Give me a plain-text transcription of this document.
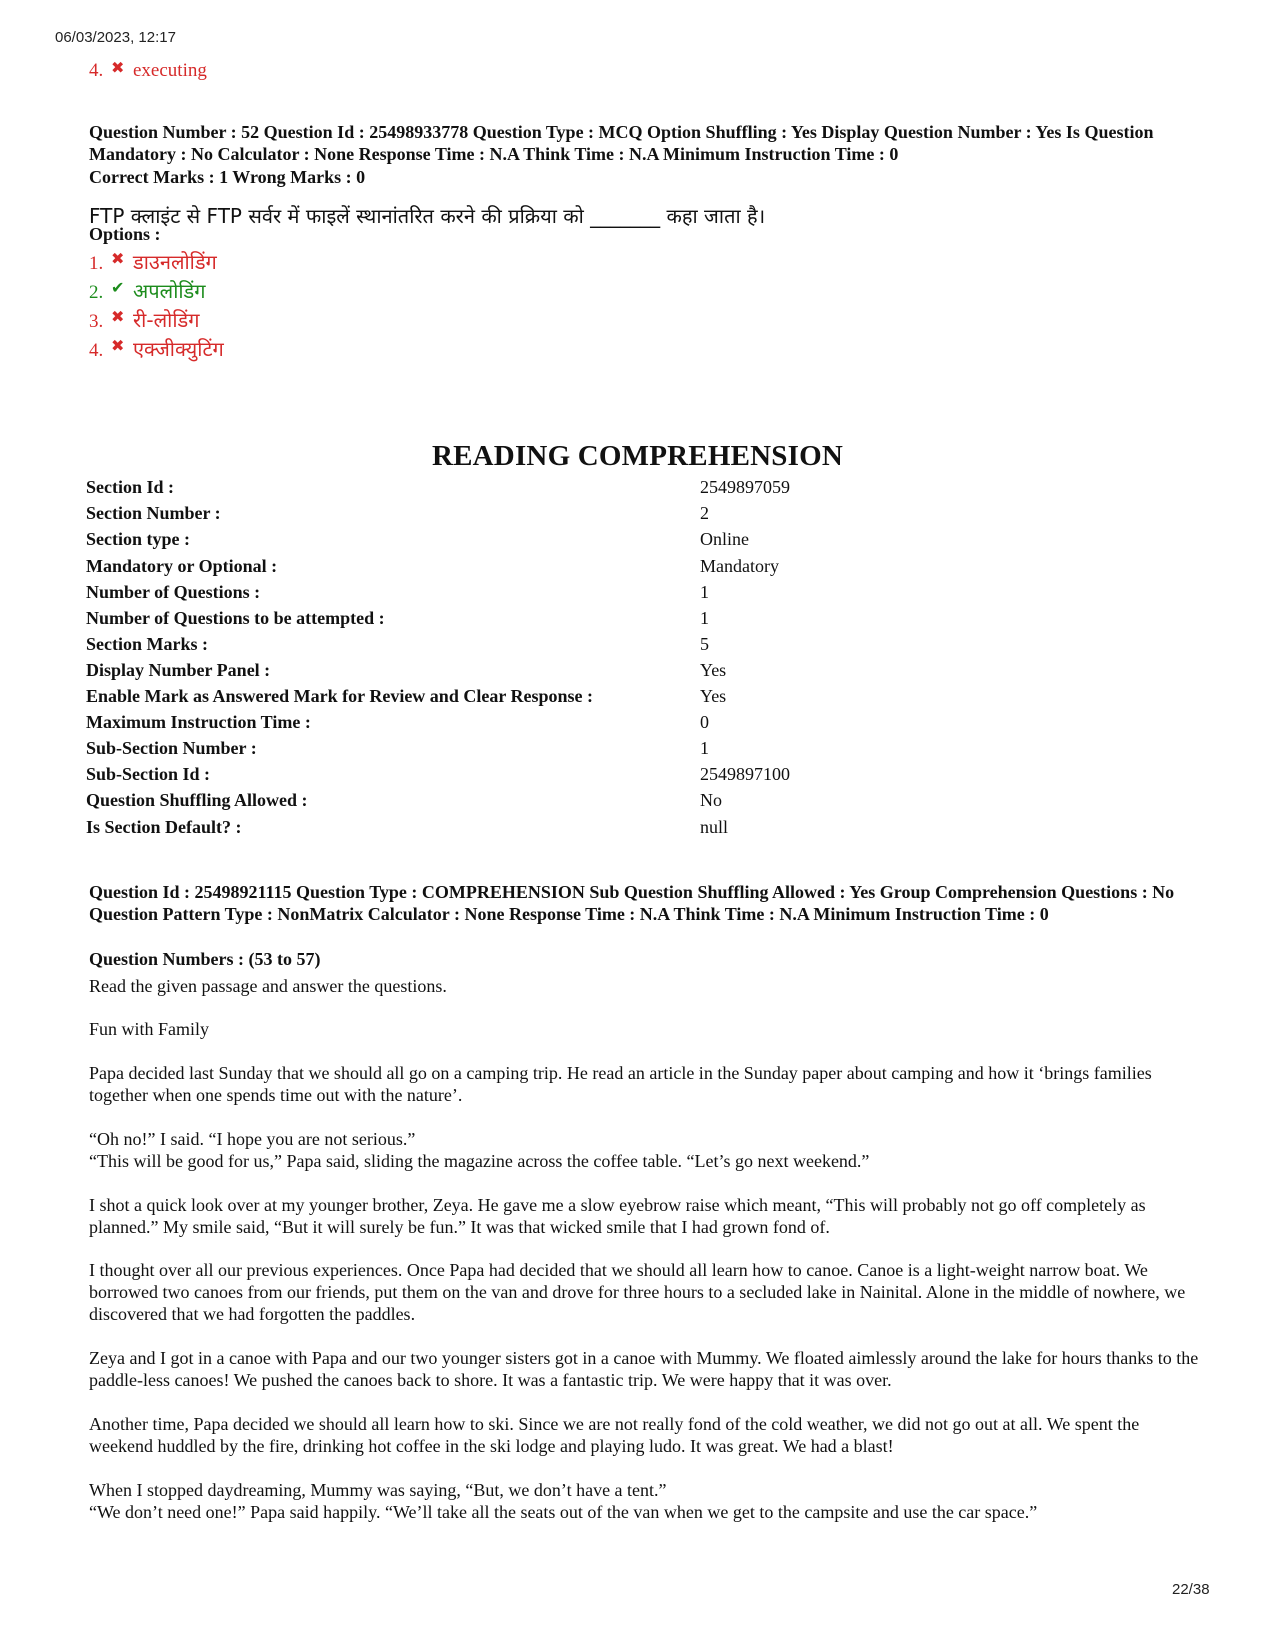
06/03/2023, 12:17
4. ✖ executing
Question Number : 52 Question Id : 25498933778 Question Type : MCQ Option Shuffling : Yes Display Question Number : Yes Is Question Mandatory : No Calculator : None Response Time : N.A Think Time : N.A Minimum Instruction Time : 0
Correct Marks : 1 Wrong Marks : 0
FTP क्लाइंट से FTP सर्वर में फाइलें स्थानांतरित करने की प्रक्रिया को _______ कहा जाता है।
Options :
1. ✖ डाउनलोडिंग
2. ✔ अपलोडिंग
3. ✖ री-लोडिंग
4. ✖ एक्जीक्युटिंग
READING COMPREHENSION
Section Id :	2549897059
Section Number :	2
Section type :	Online
Mandatory or Optional :	Mandatory
Number of Questions :	1
Number of Questions to be attempted :	1
Section Marks :	5
Display Number Panel :	Yes
Enable Mark as Answered Mark for Review and Clear Response :	Yes
Maximum Instruction Time :	0
Sub-Section Number :	1
Sub-Section Id :	2549897100
Question Shuffling Allowed :	No
Is Section Default? :	null
Question Id : 25498921115 Question Type : COMPREHENSION Sub Question Shuffling Allowed : Yes Group Comprehension Questions : No Question Pattern Type : NonMatrix Calculator : None Response Time : N.A Think Time : N.A Minimum Instruction Time : 0
Question Numbers : (53 to 57)
Read the given passage and answer the questions.
Fun with Family
Papa decided last Sunday that we should all go on a camping trip. He read an article in the Sunday paper about camping and how it ‘brings families together when one spends time out with the nature’.
“Oh no!” I said. “I hope you are not serious.”
“This will be good for us,” Papa said, sliding the magazine across the coffee table. “Let’s go next weekend.”
I shot a quick look over at my younger brother, Zeya. He gave me a slow eyebrow raise which meant, “This will probably not go off completely as planned.” My smile said, “But it will surely be fun.” It was that wicked smile that I had grown fond of.
I thought over all our previous experiences. Once Papa had decided that we should all learn how to canoe. Canoe is a light-weight narrow boat. We borrowed two canoes from our friends, put them on the van and drove for three hours to a secluded lake in Nainital. Alone in the middle of nowhere, we discovered that we had forgotten the paddles.
Zeya and I got in a canoe with Papa and our two younger sisters got in a canoe with Mummy. We floated aimlessly around the lake for hours thanks to the paddle-less canoes! We pushed the canoes back to shore. It was a fantastic trip. We were happy that it was over.
Another time, Papa decided we should all learn how to ski. Since we are not really fond of the cold weather, we did not go out at all. We spent the weekend huddled by the fire, drinking hot coffee in the ski lodge and playing ludo. It was great. We had a blast!
When I stopped daydreaming, Mummy was saying, “But, we don’t have a tent.”
“We don’t need one!” Papa said happily. “We’ll take all the seats out of the van when we get to the campsite and use the car space.”
22/38
